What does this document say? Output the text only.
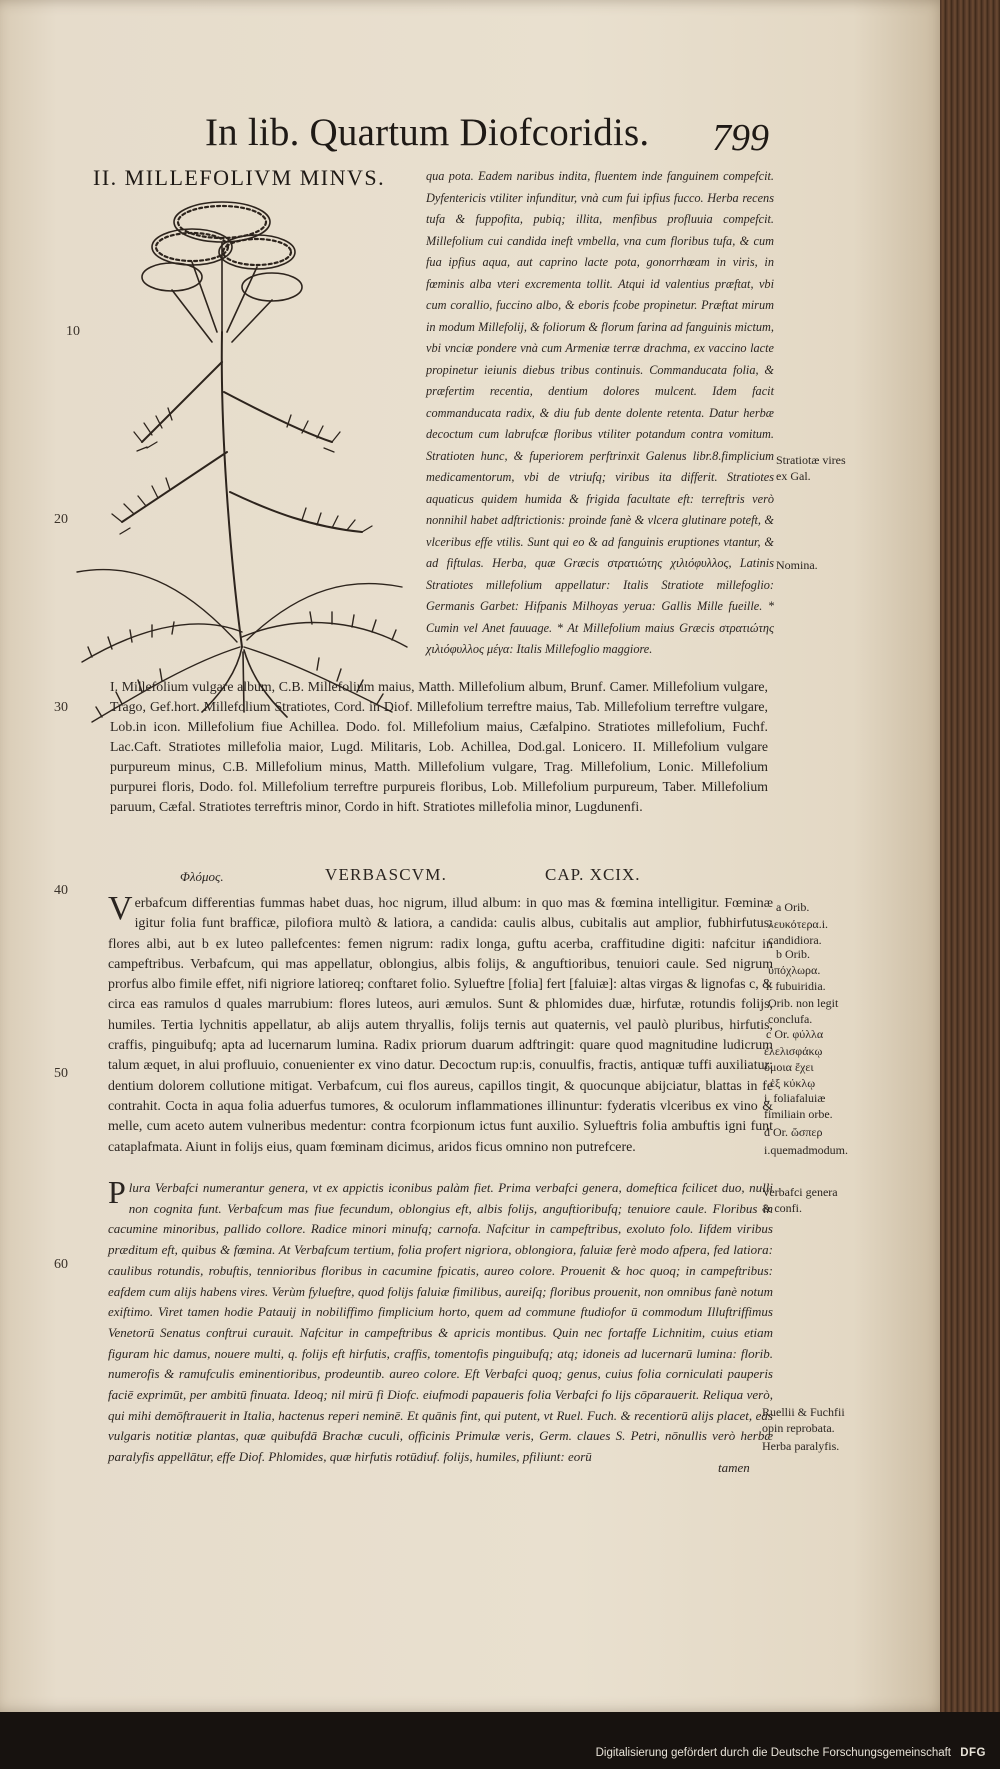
In lib. Quartum Diofcoridis. 799
II. MILLEFOLIVM MINVS.
10
20
30
40
50
60

qua pota. Eadem naribus indita, fluentem inde fanguinem compefcit. Dyfentericis vtiliter infunditur, vnà cum fui ipfius fucco. Herba recens tufa & fuppofita, pubiq; illita, menfibus profluuia compefcit. Millefolium cui candida ineft vmbella, vna cum floribus tufa, & cum fua ipfius aqua, aut caprino lacte pota, gonorrhœam in viris, in fœminis alba vteri excrementa tollit. Atqui id valentius præftat, vbi cum corallio, fuccino albo, & eboris fcobe propinetur. Præftat mirum in modum Millefolij, & foliorum & florum farina ad fanguinis mictum, vbi vnciæ pondere vnà cum Armeniæ terræ drachma, ex vaccino lacte propinetur ieiunis diebus tribus continuis. Commanducata folia, & præfertim recentia, dentium dolores mulcent. Idem facit commanducata radix, & diu fub dente dolente retenta. Datur herbæ decoctum cum labrufcæ floribus vtiliter potandum contra vomitum. Stratioten hunc, & fuperiorem perftrinxit Galenus libr.8.fimplicium medicamentorum, vbi de vtriufq; viribus ita differit. Stratiotes aquaticus quidem humida & frigida facultate eft: terreftris verò nonnihil habet adftrictionis: proinde fanè & vlcera glutinare poteft, & vlceribus effe vtilis. Sunt qui eo & ad fanguinis eruptiones vtantur, & ad fiftulas. Herba, quæ Græcis στρατιώτης χιλιόφυλλος, Latinis Stratiotes millefolium appellatur: Italis Stratiote millefoglio: Germanis Garbet: Hifpanis Milhoyas yerua: Gallis Mille fueille. * Cumin vel Anet fauuage. * At Millefolium maius Græcis στρατιώτης χιλιόφυλλος μέγα: Italis Millefoglio maggiore.

I. Millefolium vulgare album, C.B. Millefolium maius, Matth. Millefolium album, Brunf. Camer. Millefolium vulgare, Trago, Gef.hort. Millefolium Stratiotes, Cord. in Diof. Millefolium terreftre maius, Tab. Millefolium terreftre vulgare, Lob.in icon. Millefolium fiue Achillea. Dodo. fol. Millefolium maius, Cæfalpino. Stratiotes millefolium, Fuchf. Lac.Caft. Stratiotes millefolia maior, Lugd. Militaris, Lob. Achillea, Dod.gal. Lonicero. II. Millefolium vulgare purpureum minus, C.B. Millefolium minus, Matth. Millefolium vulgare, Trag. Millefolium, Lonic. Millefolium purpurei floris, Dodo. fol. Millefolium terreftre purpureis floribus, Lob. Millefolium purpureum, Taber. Millefolium paruum, Cæfal. Stratiotes terreftris minor, Cordo in hift. Stratiotes millefolia minor, Lugdunenfi.
Φλόμος.	VERBASCVM.	CAP. XCIX.
Verbafcum differentias fummas habet duas, hoc nigrum, illud album: in quo mas & fœmina intelligitur. Fœminæ igitur folia funt brafficæ, pilofiora multò & latiora, a candida: caulis albus, cubitalis aut amplior, fubhirfutus: flores albi, aut b ex luteo pallefcentes: femen nigrum: radix longa, guftu acerba, craffitudine digiti: nafcitur in campeftribus. Verbafcum, qui mas appellatur, oblongius, albis folijs, & anguftioribus, tenuiori caule. Sed nigrum prorfus albo fimile effet, nifi nigriore latioreq; conftaret folio. Sylueftre [folia] fert [faluiæ]: altas virgas & lignofas c, & circa eas ramulos d quales marrubium: flores luteos, auri æmulos. Sunt & phlomides duæ, hirfutæ, rotundis folijs, humiles. Tertia lychnitis appellatur, ab alijs autem thryallis, folijs ternis aut quaternis, vel paulò pluribus, hirfutis, craffis, pinguibufq; apta ad lucernarum lumina. Radix priorum duarum adftringit: quare quod magnitudine ludicrum talum æquet, in alui profluuio, conuenienter ex vino datur. Decoctum rup:is, conuulfis, fractis, antiquæ tuffi auxiliatur: dentium dolorem collutione mitigat. Verbafcum, cui flos aureus, capillos tingit, & quocunque abijciatur, blattas in fe contrahit. Cocta in aqua folia aduerfus tumores, & oculorum inflammationes illinuntur: fyderatis vlceribus ex vino & melle, cum aceto autem vulneribus medentur: contra fcorpionum ictus funt auxilio. Sylueftris folia ambuftis igni funt cataplafmata. Aiunt in folijs eius, quam fœminam dicimus, aridos ficus omnino non putrefcere.
Plura Verbafci numerantur genera, vt ex appictis iconibus palàm fiet. Prima verbafci genera, domeftica fcilicet duo, nulli non cognita funt. Verbafcum mas fiue fecundum, oblongius eft, albis folijs, anguftioribufq; tenuiore caule. Floribus in cacumine minoribus, pallido collore. Radice minori minufq; carnofa. Nafcitur in campeftribus, exoluto folo. Iifdem viribus præditum eft, quibus & fœmina. At Verbafcum tertium, folia profert nigriora, oblongiora, faluiæ ferè modo afpera, fed latiora: caulibus rotundis, robuftis, tennioribus floribus in cacumine fpicatis, aureo colore. Prouenit & hoc quoq; in campeftribus: eafdem cum alijs habens vires. Verùm fylueftre, quod folijs faluiæ fimilibus, aureiſq; floribus prouenit, non omnibus fanè notum exiftimo. Viret tamen hodie Patauij in nobiliffimo fimplicium horto, quem ad commune ftudiofor ū commodum Illuftriffimus Venetorū Senatus conftrui curauit. Nafcitur in campeftribus & apricis montibus. Quin nec fortaffe Lichnitim, cuius etiam figuram hic damus, nouere multi, q. folijs eft hirfutis, craffis, tomentofis pinguibufq; atq; idoneis ad lucernarū lumina: florib. numerofis & ramufculis eminentioribus, prodeuntib. aureo colore. Eft Verbafci quoq; genus, cuius folia corniculati pauperis faciē exprimūt, per ambitū finuata. Ideoq; nil mirū fi Diofc. eiufmodi papaueris folia Verbafci fo lijs cōparauerit. Reliqua verò, qui mihi demōftrauerit in Italia, hactenus reperi neminē. Et quānis fint, qui putent, vt Ruel. Fuch. & recentiorū alijs placet, eas vulgaris notitiæ plantas, quæ quibufdā Brachæ cuculi, officinis Primulæ veris, Germ. claues S. Petri, nōnullis verò herbæ paralyfis appellātur, effe Diof. Phlomides, quæ hirfutis rotūdiuf. folijs, humiles, pfiliunt: eorū
tamen
Stratiotæ vires ex Gal.
Nomina.
a Orib.
λευκότερα.i. candidiora.
b Orib.
ὑπόχλωρα.
i. fubuiridia.
Orib. non legit conclufa.
c Or. φύλλα
ἐλελισφάκῳ ὅμοια ἔχει
ἑξ κύκλῳ
i. foliafaluiæ fimiliain orbe.
d Or. ὥσπερ
i.quemadmodum.
Verbafci genera & confi.
Ruellii & Fuchfii opin reprobata.
Herba paralyfis.
Digitalisierung gefördert durch die Deutsche Forschungsgemeinschaft DFG
